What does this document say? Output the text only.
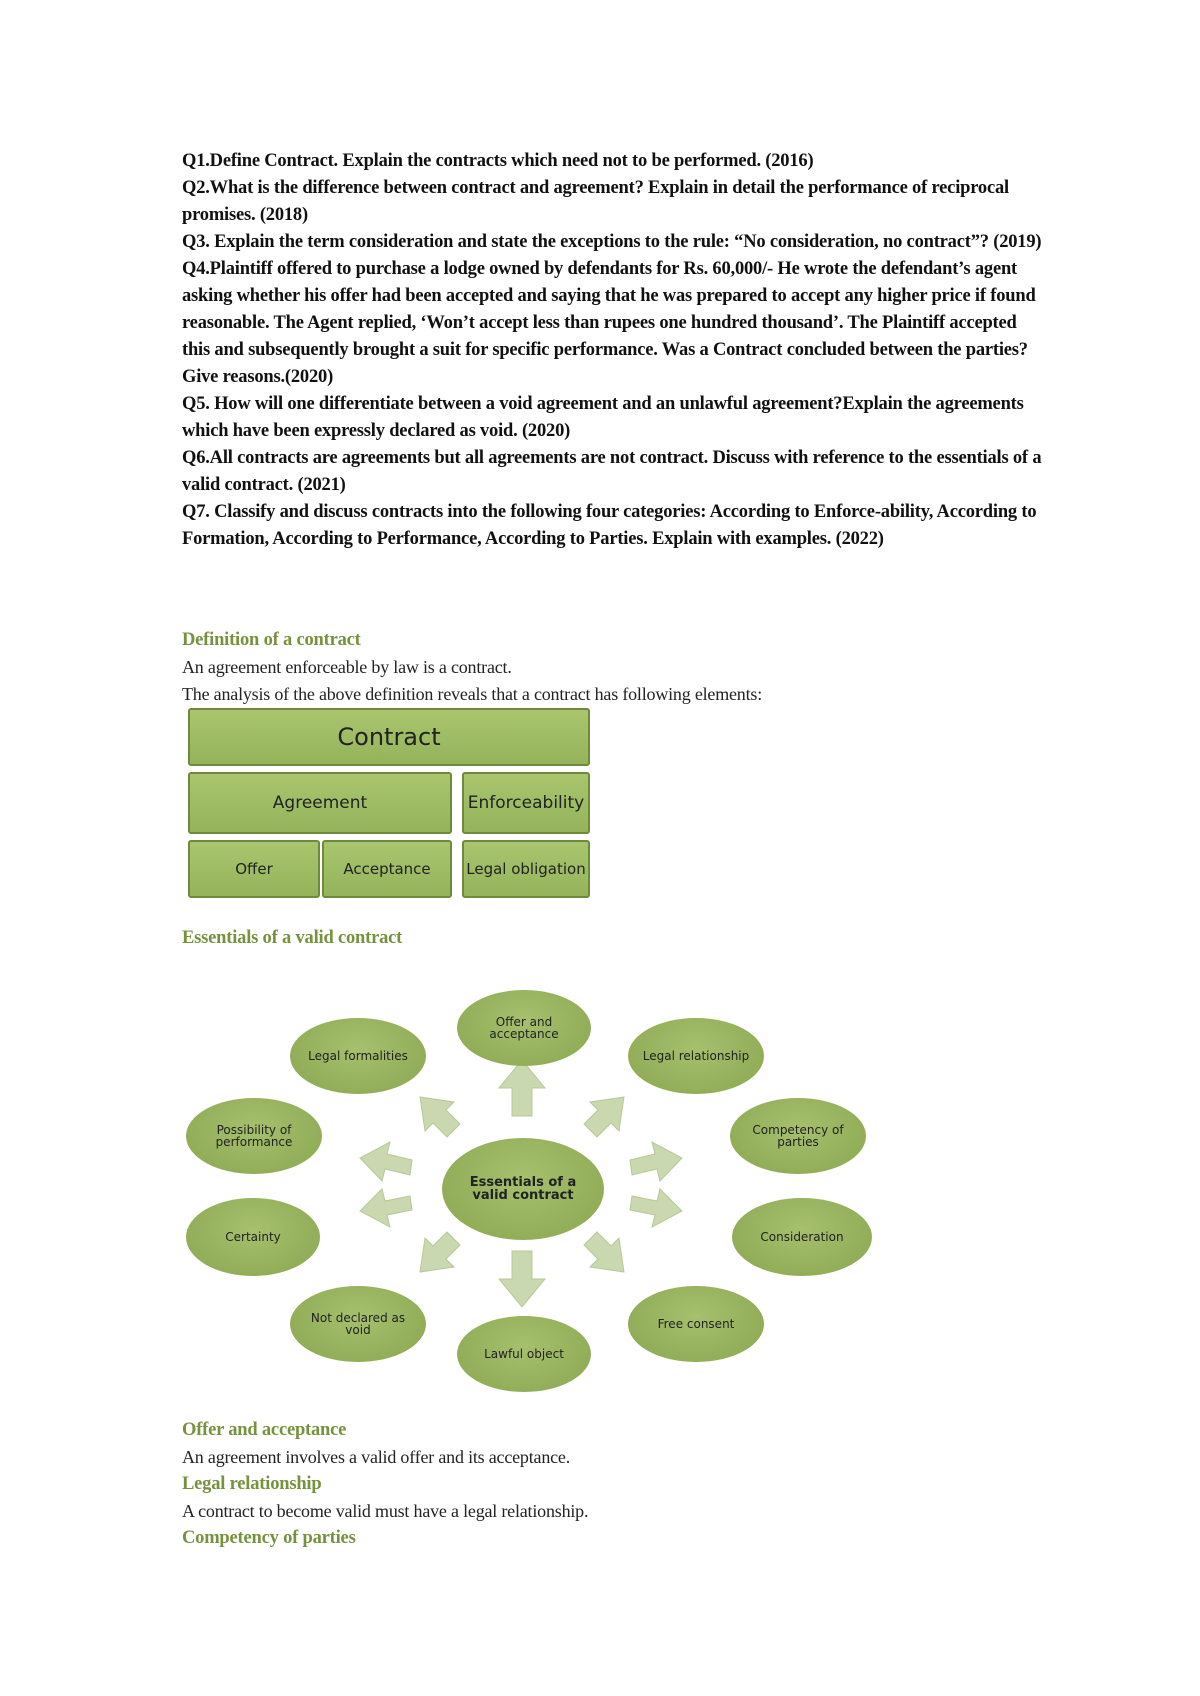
Q1.Define Contract. Explain the contracts which need not to be performed. (2016)

Q2.What is the difference between contract and agreement? Explain in detail the performance of reciprocal promises. (2018)

Q3. Explain the term consideration and state the exceptions to the rule: “No consideration, no contract”? (2019)

Q4.Plaintiff offered to purchase a lodge owned by defendants for Rs. 60,000/- He wrote the defendant’s agent asking whether his offer had been accepted and saying that he was prepared to accept any higher price if found reasonable. The Agent replied, ‘Won’t accept less than rupees one hundred thousand’. The Plaintiff accepted this and subsequently brought a suit for specific performance. Was a Contract concluded between the parties? Give reasons.(2020)

Q5. How will one differentiate between a void agreement and an unlawful agreement?Explain the agreements which have been expressly declared as void. (2020)

Q6.All contracts are agreements but all agreements are not contract. Discuss with reference to the essentials of a valid contract. (2021)

Q7. Classify and discuss contracts into the following four categories: According to Enforce-ability, According to Formation, According to Performance, According to Parties. Explain with examples. (2022)

Definition of a contract
An agreement enforceable by law is a contract.
The analysis of the above definition reveals that a contract has following elements:
Contract
Agreement	Enforceability
Offer	Acceptance	Legal obligation
Essentials of a valid contract
Essentials of a valid contract
Offer and acceptance
Legal relationship
Competency of parties
Consideration
Free consent
Lawful object
Not declared as void
Certainty
Possibility of performance
Legal formalities
Offer and acceptance
An agreement involves a valid offer and its acceptance.
Legal relationship
A contract to become valid must have a legal relationship.
Competency of parties
